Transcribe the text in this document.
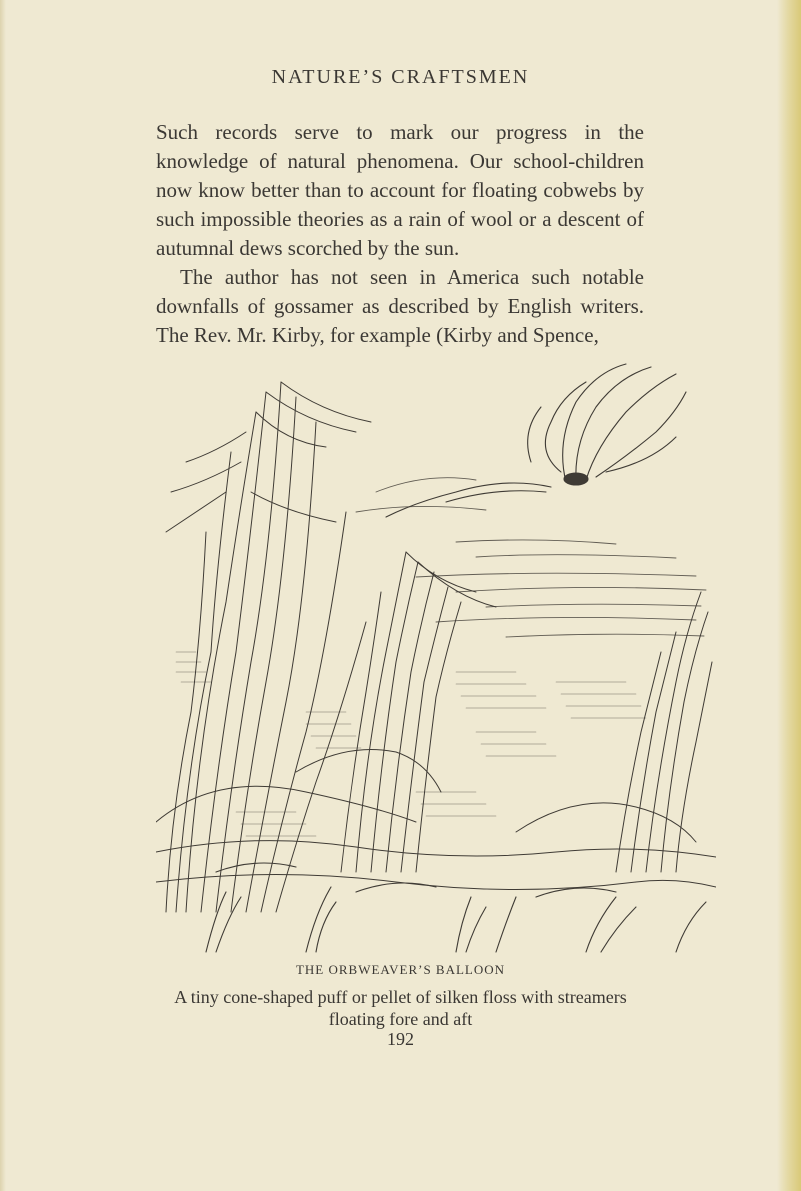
NATURE’S CRAFTSMEN

Such records serve to mark our progress in the knowledge of natural phenomena. Our school-children now know better than to account for floating cobwebs by such impossible theories as a rain of wool or a descent of autumnal dews scorched by the sun.

The author has not seen in America such notable downfalls of gossamer as described by English writers. The Rev. Mr. Kirby, for example (Kirby and Spence,

THE ORBWEAVER’S BALLOON
A tiny cone-shaped puff or pellet of silken floss with streamers
floating fore and aft
192
